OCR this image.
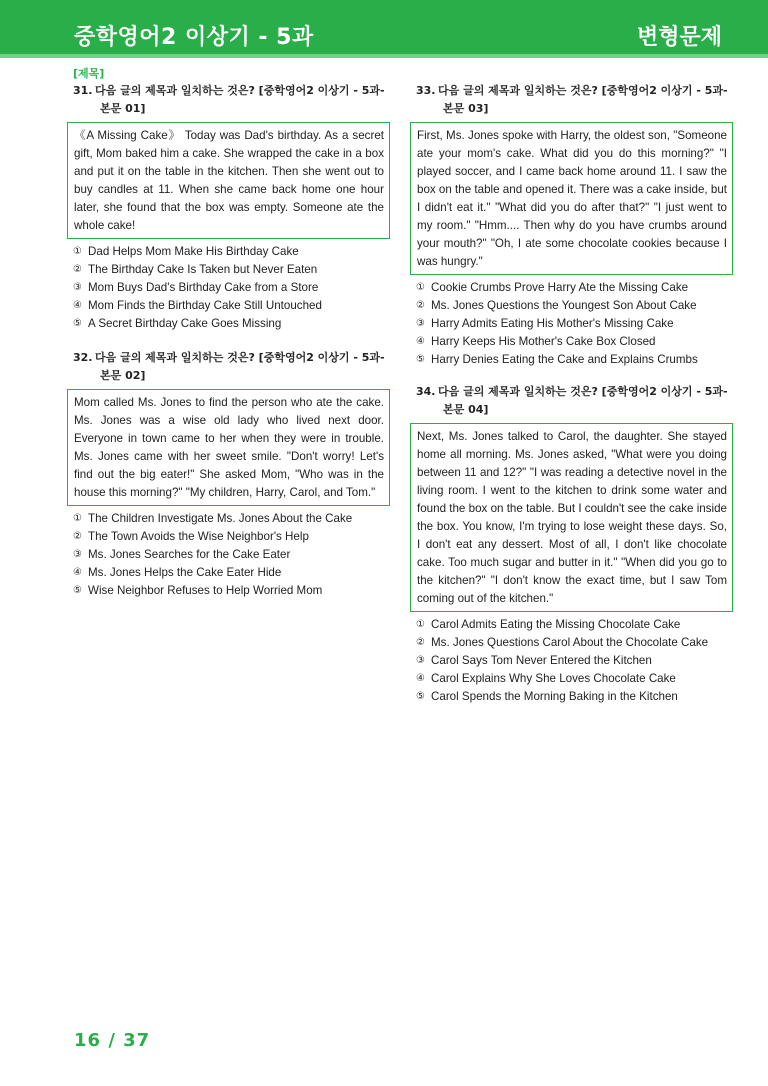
중학영어2 이상기 - 5과	변형문제
[제목]
31. 다음 글의 제목과 일치하는 것은? [중학영어2 이상기 - 5과-
본문 01]

《A Missing Cake》 Today was Dad's birthday. As a secret gift, Mom baked him a cake. She wrapped the cake in a box and put it on the table in the kitchen. Then she went out to buy candles at 11. When she came back home one hour later, she found that the box was empty. Someone ate the whole cake!

① Dad Helps Mom Make His Birthday Cake
② The Birthday Cake Is Taken but Never Eaten
③ Mom Buys Dad's Birthday Cake from a Store
④ Mom Finds the Birthday Cake Still Untouched
⑤ A Secret Birthday Cake Goes Missing
32. 다음 글의 제목과 일치하는 것은? [중학영어2 이상기 - 5과-
본문 02]

Mom called Ms. Jones to find the person who ate the cake. Ms. Jones was a wise old lady who lived next door. Everyone in town came to her when they were in trouble. Ms. Jones came with her sweet smile. "Don't worry! Let's find out the big eater!" She asked Mom, "Who was in the house this morning?" "My children, Harry, Carol, and Tom."

① The Children Investigate Ms. Jones About the Cake
② The Town Avoids the Wise Neighbor's Help
③ Ms. Jones Searches for the Cake Eater
④ Ms. Jones Helps the Cake Eater Hide
⑤ Wise Neighbor Refuses to Help Worried Mom
33. 다음 글의 제목과 일치하는 것은? [중학영어2 이상기 - 5과-
본문 03]

First, Ms. Jones spoke with Harry, the oldest son, "Someone ate your mom's cake. What did you do this morning?" "I played soccer, and I came back home around 11. I saw the box on the table and opened it. There was a cake inside, but I didn't eat it." "What did you do after that?" "I just went to my room." "Hmm.... Then why do you have crumbs around your mouth?" "Oh, I ate some chocolate cookies because I was hungry."

① Cookie Crumbs Prove Harry Ate the Missing Cake
② Ms. Jones Questions the Youngest Son About Cake
③ Harry Admits Eating His Mother's Missing Cake
④ Harry Keeps His Mother's Cake Box Closed
⑤ Harry Denies Eating the Cake and Explains Crumbs
34. 다음 글의 제목과 일치하는 것은? [중학영어2 이상기 - 5과-
본문 04]

Next, Ms. Jones talked to Carol, the daughter. She stayed home all morning. Ms. Jones asked, "What were you doing between 11 and 12?" "I was reading a detective novel in the living room. I went to the kitchen to drink some water and found the box on the table. But I couldn't see the cake inside the box. You know, I'm trying to lose weight these days. So, I don't eat any dessert. Most of all, I don't like chocolate cake. Too much sugar and butter in it." "When did you go to the kitchen?" "I don't know the exact time, but I saw Tom coming out of the kitchen."

① Carol Admits Eating the Missing Chocolate Cake
② Ms. Jones Questions Carol About the Chocolate Cake
③ Carol Says Tom Never Entered the Kitchen
④ Carol Explains Why She Loves Chocolate Cake
⑤ Carol Spends the Morning Baking in the Kitchen
16 / 37
